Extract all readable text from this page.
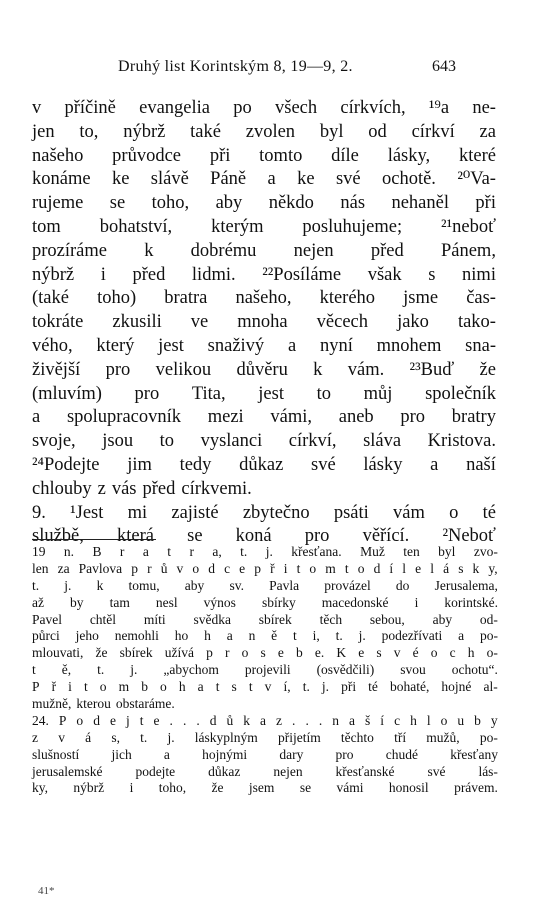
Druhý list Korintským 8, 19—9, 2.	643
v příčině evangelia po všech církvích, ¹⁹a ne-
jen to, nýbrž také zvolen byl od církví za
našeho průvodce při tomto díle lásky, které
konáme ke slávě Páně a ke své ochotě. ²⁰Va-
rujeme se toho, aby někdo nás nehaněl při
tom bohatství, kterým posluhujeme; ²¹neboť
prozíráme k dobrému nejen před Pánem,
nýbrž i před lidmi. ²²Posíláme však s nimi
(také toho) bratra našeho, kterého jsme čas-
tokráte zkusili ve mnoha věcech jako tako-
vého, který jest snaživý a nyní mnohem sna-
živější pro velikou důvěru k vám. ²³Buď že
(mluvím) pro Tita, jest to můj společník
a spolupracovník mezi vámi, aneb pro bratry
svoje, jsou to vyslanci církví, sláva Kristova.
²⁴Podejte jim tedy důkaz své lásky a naší
chlouby z vás před církvemi.
9. ¹Jest mi zajisté zbytečno psáti vám o té
službě, která se koná pro věřící. ²Neboť
19 n. B r a t r a, t. j. křesťana. Muž ten byl zvo-
len za Pavlova p r ů v o d c e p ř i t o m t o d í l e l á s k y,
t. j. k tomu, aby sv. Pavla provázel do Jerusalema,
až by tam nesl výnos sbírky macedonské i korintské.
Pavel chtěl míti svědka sbírek těch sebou, aby od-
půrci jeho nemohli ho h a n ě t i, t. j. podezřívati a po-
mlouvati, že sbírek užívá p r o s e b e. K e s v é o c h o-
t ě, t. j. „abychom projevili (osvědčili) svou ochotu“.
P ř i t o m b o h a t s t v í, t. j. při té bohaté, hojné al-
mužně, kterou obstaráme.
24. P o d e j t e . . . d ů k a z . . . n a š í c h l o u b y
z v á s, t. j. láskyplným přijetím těchto tří mužů, po-
slušností jich a hojnými dary pro chudé křesťany
jerusalemské podejte důkaz nejen křesťanské své lás-
ky, nýbrž i toho, že jsem se vámi honosil právem.
41*
